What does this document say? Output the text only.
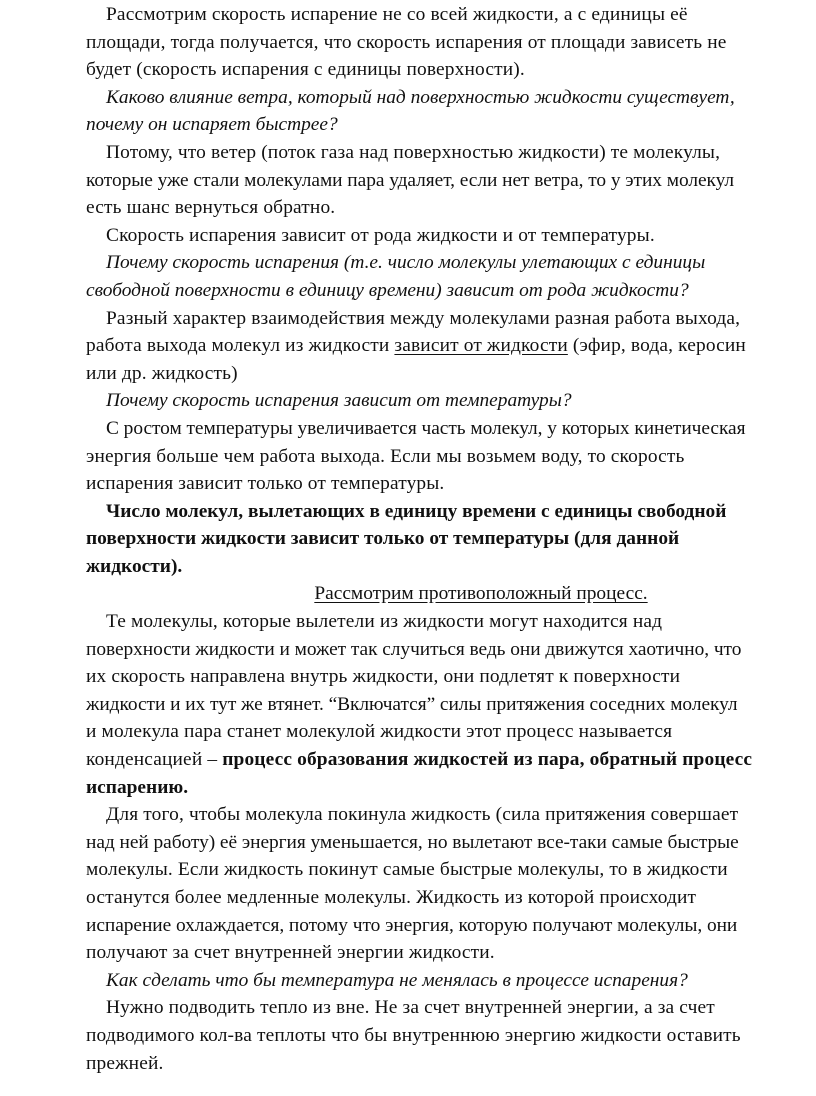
Рассмотрим скорость испарение не со всей жидкости, а с единицы её
площади, тогда получается, что скорость испарения от площади зависеть не
будет (скорость испарения с единицы поверхности).
Каково влияние ветра, который над поверхностью жидкости существует,
почему он испаряет быстрее?
Потому, что ветер (поток газа над поверхностью жидкости) те молекулы,
которые уже стали молекулами пара удаляет, если нет ветра, то у этих молекул
есть шанс вернуться обратно.
Скорость испарения зависит от рода жидкости и от температуры.
Почему скорость испарения (т.е. число молекулы улетающих с единицы
свободной поверхности в единицу времени) зависит от рода жидкости?
Разный характер взаимодействия между молекулами разная работа выхода,
работа выхода молекул из жидкости зависит от жидкости (эфир, вода, керосин
или др. жидкость)
Почему скорость испарения зависит от температуры?
С ростом температуры увеличивается часть молекул, у которых кинетическая
энергия больше чем работа выхода. Если мы возьмем воду, то скорость
испарения зависит только от температуры.
Число молекул, вылетающих в единицу времени с единицы свободной
поверхности жидкости зависит только от температуры (для данной
жидкости).
Рассмотрим противоположный процесс.
Те молекулы, которые вылетели из жидкости могут находится над
поверхности жидкости и может так случиться ведь они движутся хаотично, что
их скорость направлена внутрь жидкости, они подлетят к поверхности
жидкости и их тут же втянет. “Включатся” силы притяжения соседних молекул
и молекула пара станет молекулой жидкости этот процесс называется
конденсацией – процесс образования жидкостей из пара, обратный процесс
испарению.
Для того, чтобы молекула покинула жидкость (сила притяжения совершает
над ней работу) её энергия уменьшается, но вылетают все-таки самые быстрые
молекулы. Если жидкость покинут самые быстрые молекулы, то в жидкости
останутся более медленные молекулы. Жидкость из которой происходит
испарение охлаждается, потому что энергия, которую получают молекулы, они
получают за счет внутренней энергии жидкости.
Как сделать что бы температура не менялась в процессе испарения?
Нужно подводить тепло из вне. Не за счет внутренней энергии, а за счет
подводимого кол-ва теплоты что бы внутреннюю энергию жидкости оставить
прежней.
